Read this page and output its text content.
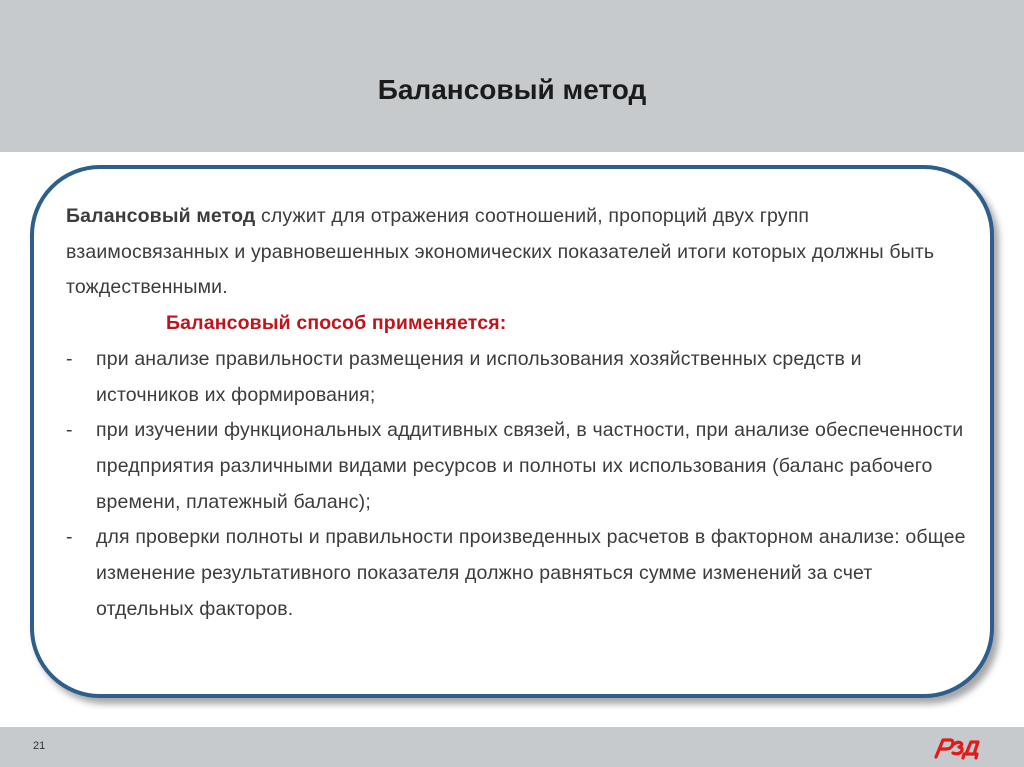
Балансовый метод

Балансовый метод служит для отражения соотношений, пропорций двух групп взаимосвязанных и уравновешенных экономических показателей итоги которых должны быть тождественными.

Балансовый способ применяется:

- при анализе правильности размещения и использования хозяйственных средств и источников их формирования;

- при изучении функциональных аддитивных связей, в частности, при анализе обеспеченности предприятия различными видами ресурсов и полноты их использования (баланс рабочего времени, платежный баланс);

- для проверки полноты и правильности произведенных расчетов в факторном анализе: общее изменение результативного показателя должно равняться сумме изменений за счет отдельных факторов.

21
